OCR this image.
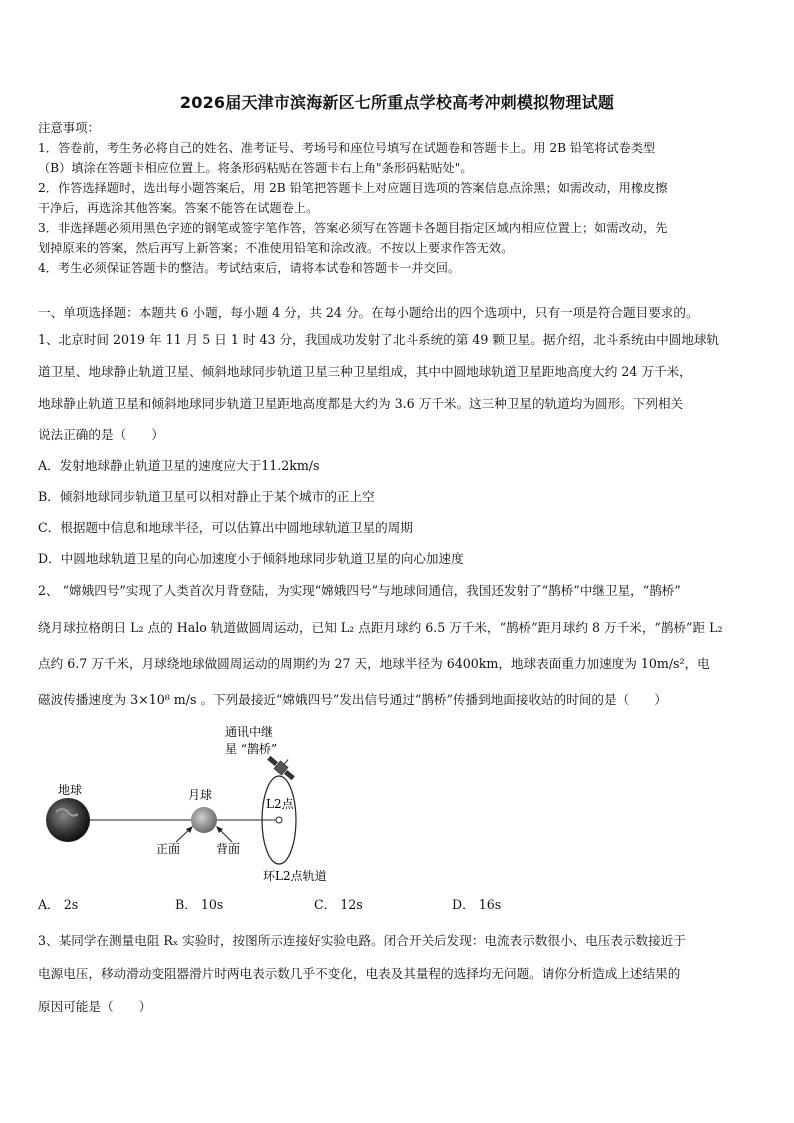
2026届天津市滨海新区七所重点学校高考冲刺模拟物理试题
注意事项：
1．答卷前，考生务必将自己的姓名、准考证号、考场号和座位号填写在试题卷和答题卡上。用 2B 铅笔将试卷类型
（B）填涂在答题卡相应位置上。将条形码粘贴在答题卡右上角"条形码粘贴处"。
2．作答选择题时，选出每小题答案后，用 2B 铅笔把答题卡上对应题目选项的答案信息点涂黑；如需改动，用橡皮擦
干净后，再选涂其他答案。答案不能答在试题卷上。
3．非选择题必须用黑色字迹的钢笔或签字笔作答，答案必须写在答题卡各题目指定区域内相应位置上；如需改动，先
划掉原来的答案，然后再写上新答案；不准使用铅笔和涂改液。不按以上要求作答无效。
4．考生必须保证答题卡的整洁。考试结束后，请将本试卷和答题卡一并交回。
一、单项选择题：本题共 6 小题，每小题 4 分，共 24 分。在每小题给出的四个选项中，只有一项是符合题目要求的。
1、北京时间 2019 年 11 月 5 日 1 时 43 分，我国成功发射了北斗系统的第 49 颗卫星。据介绍，北斗系统由中圆地球轨
道卫星、地球静止轨道卫星、倾斜地球同步轨道卫星三种卫星组成，其中中圆地球轨道卫星距地高度大约 24 万千米，
地球静止轨道卫星和倾斜地球同步轨道卫星距地高度都是大约为 3.6 万千米。这三种卫星的轨道均为圆形。下列相关
说法正确的是（　　）
A．发射地球静止轨道卫星的速度应大于11.2km/s
B．倾斜地球同步轨道卫星可以相对静止于某个城市的正上空
C．根据题中信息和地球半径，可以估算出中圆地球轨道卫星的周期
D．中圆地球轨道卫星的向心加速度小于倾斜地球同步轨道卫星的向心加速度
2、 “嫦娥四号”实现了人类首次月背登陆，为实现“嫦娥四号”与地球间通信，我国还发射了“鹊桥”中继卫星，“鹊桥”
绕月球拉格朗日 L₂ 点的 Halo 轨道做圆周运动，已知 L₂ 点距月球约 6.5 万千米，“鹊桥”距月球约 8 万千米，“鹊桥”距 L₂
点约 6.7 万千米，月球绕地球做圆周运动的周期约为 27 天，地球半径为 6400km，地球表面重力加速度为 10m/s²，电
磁波传播速度为 3×10⁸ m/s 。下列最接近“嫦娥四号”发出信号通过“鹊桥”传播到地面接收站的时间的是（　　）
地球	月球
正面	背面
L2点
通讯中继
星 “鹊桥”
环L2点轨道
A． 2s	B． 10s	C． 12s	D． 16s
3、某同学在测量电阻 Rₓ 实验时，按图所示连接好实验电路。闭合开关后发现：电流表示数很小、电压表示数接近于
电源电压，移动滑动变阻器滑片时两电表示数几乎不变化，电表及其量程的选择均无问题。请你分析造成上述结果的
原因可能是（　　）
